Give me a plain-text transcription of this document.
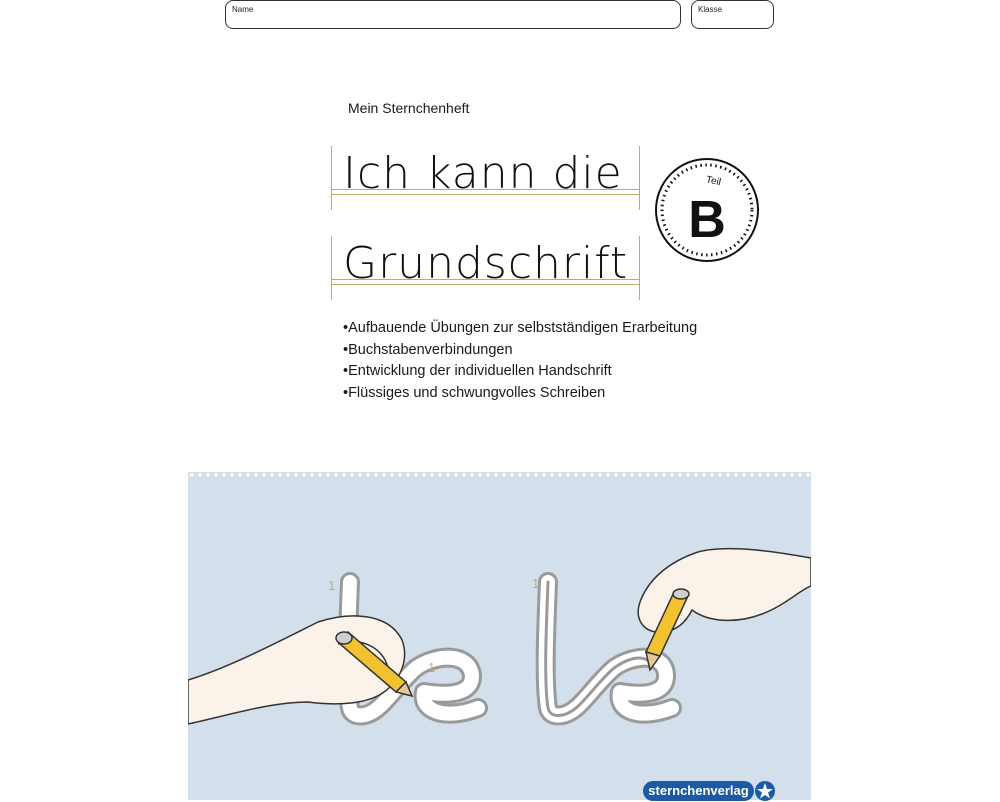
Name	Klasse
Mein Sternchenheft
Ich kann die
Grundschrift
Teil
B
• Aufbauende Übungen zur selbstständigen Erarbeitung
• Buchstabenverbindungen
• Entwicklung der individuellen Handschrift
• Flüssiges und schwungvolles Schreiben
1
1
1
sternchenverlag
